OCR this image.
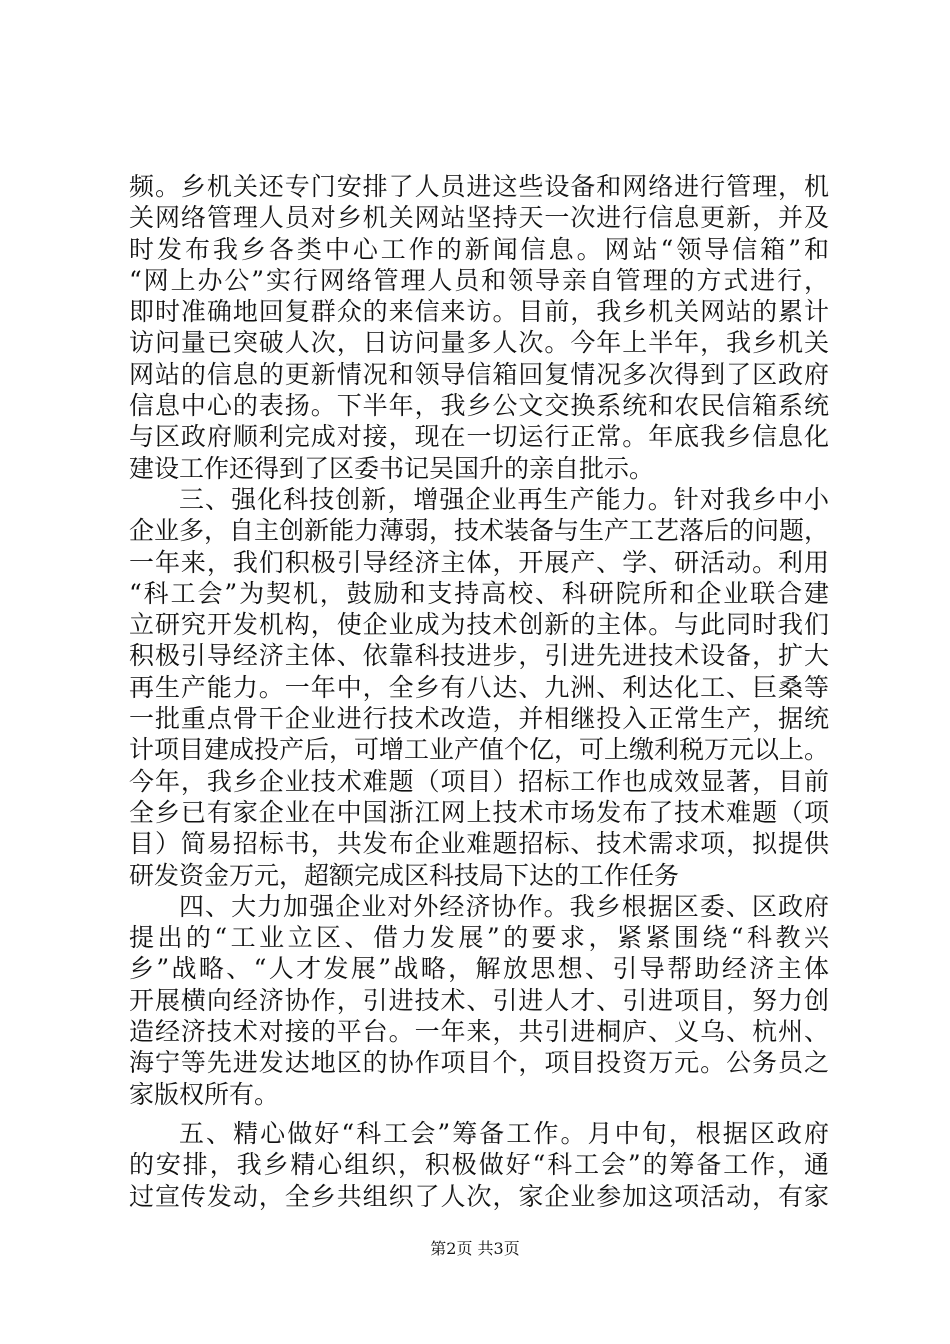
频。乡机关还专门安排了人员进这些设备和网络进行管理，机
关网络管理人员对乡机关网站坚持天一次进行信息更新，并及
时发布我乡各类中心工作的新闻信息。网站“领导信箱”和
“网上办公”实行网络管理人员和领导亲自管理的方式进行，
即时准确地回复群众的来信来访。目前，我乡机关网站的累计
访问量已突破人次，日访问量多人次。今年上半年，我乡机关
网站的信息的更新情况和领导信箱回复情况多次得到了区政府
信息中心的表扬。下半年，我乡公文交换系统和农民信箱系统
与区政府顺利完成对接，现在一切运行正常。年底我乡信息化
建设工作还得到了区委书记吴国升的亲自批示。
三、强化科技创新，增强企业再生产能力。针对我乡中小
企业多，自主创新能力薄弱，技术装备与生产工艺落后的问题，
一年来，我们积极引导经济主体，开展产、学、研活动。利用
“科工会”为契机，鼓励和支持高校、科研院所和企业联合建
立研究开发机构，使企业成为技术创新的主体。与此同时我们
积极引导经济主体、依靠科技进步，引进先进技术设备，扩大
再生产能力。一年中，全乡有八达、九洲、利达化工、巨桑等
一批重点骨干企业进行技术改造，并相继投入正常生产，据统
计项目建成投产后，可增工业产值个亿，可上缴利税万元以上。
今年，我乡企业技术难题（项目）招标工作也成效显著，目前
全乡已有家企业在中国浙江网上技术市场发布了技术难题（项
目）简易招标书，共发布企业难题招标、技术需求项，拟提供
研发资金万元，超额完成区科技局下达的工作任务
四、大力加强企业对外经济协作。我乡根据区委、区政府
提出的“工业立区、借力发展”的要求，紧紧围绕“科教兴
乡”战略、“人才发展”战略，解放思想、引导帮助经济主体
开展横向经济协作，引进技术、引进人才、引进项目，努力创
造经济技术对接的平台。一年来，共引进桐庐、义乌、杭州、
海宁等先进发达地区的协作项目个，项目投资万元。公务员之
家版权所有。
五、精心做好“科工会”筹备工作。月中旬，根据区政府
的安排，我乡精心组织，积极做好“科工会”的筹备工作，通
过宣传发动，全乡共组织了人次，家企业参加这项活动，有家
第2页 共3页
